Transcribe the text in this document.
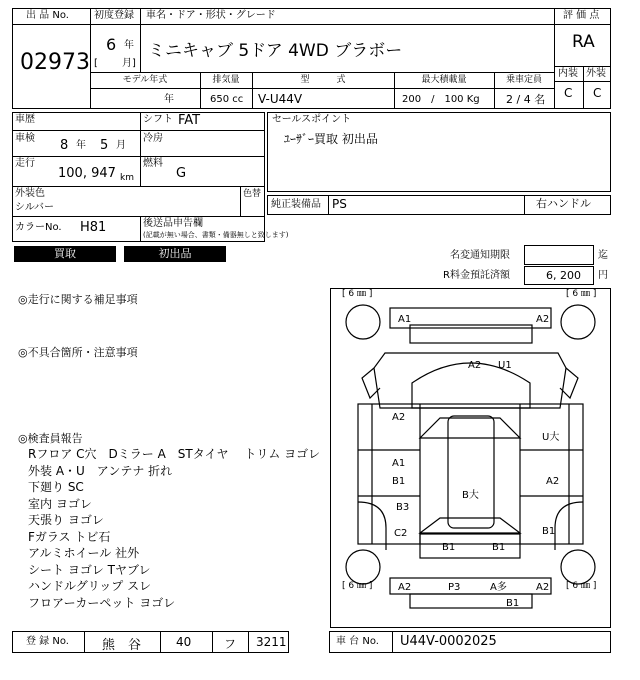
出 品 No.
02973
初度登録 車名・ドア・形状・グレード
6 年
[ 月]
ミニキャブ 5ドア 4WD ブラボー
評 価 点
RA
内装 外装
C C
モデル年式	排気量	型　　　式	最大積載量	乗車定員
年	650 cc V-U44V	200　/　100 Kg 2 / 4 名
車歴	シフト FAT
車検 8 年 5 月
冷房
走行
100, 947 km
燃料
G
外装色
シルバー
色替
カラーNo. H81	後送品申告欄
(記載が無い場合、書類・備器無しと致します)
セールスポイント
ﾕｰｻﾞｰ買取 初出品
純正装備品 PS	右ハンドル
買取	初出品	名変通知期限	迄
R料金預託済額	6, 200 円
◎走行に関する補足事項
◎不具合箇所・注意事項
◎検査員報告
Rフロア C穴　Dミラー A　STタイヤ　 トリム ヨゴレ
外装 A・U　アンテナ 折れ
下廻り SC
室内 ヨゴレ
天張り ヨゴレ
Fガラス トビ石
アルミホイール 社外
シート ヨゴレ Tヤブレ
ハンドルグリップ スレ
フロアーカーペット ヨゴレ
[ 6 ㎜ ]	[ 6 ㎜ ]
[ 6 ㎜ ]	[ 6 ㎜ ]
A1	A2
A2 U1
A2
U大
A1
B1	A2
B大
B3
C2	B1
B1	B1
A2	P3	A多	A2
B1
登 録 No.	熊　谷	40	フ 3211	車 台 No. U44V-0002025
